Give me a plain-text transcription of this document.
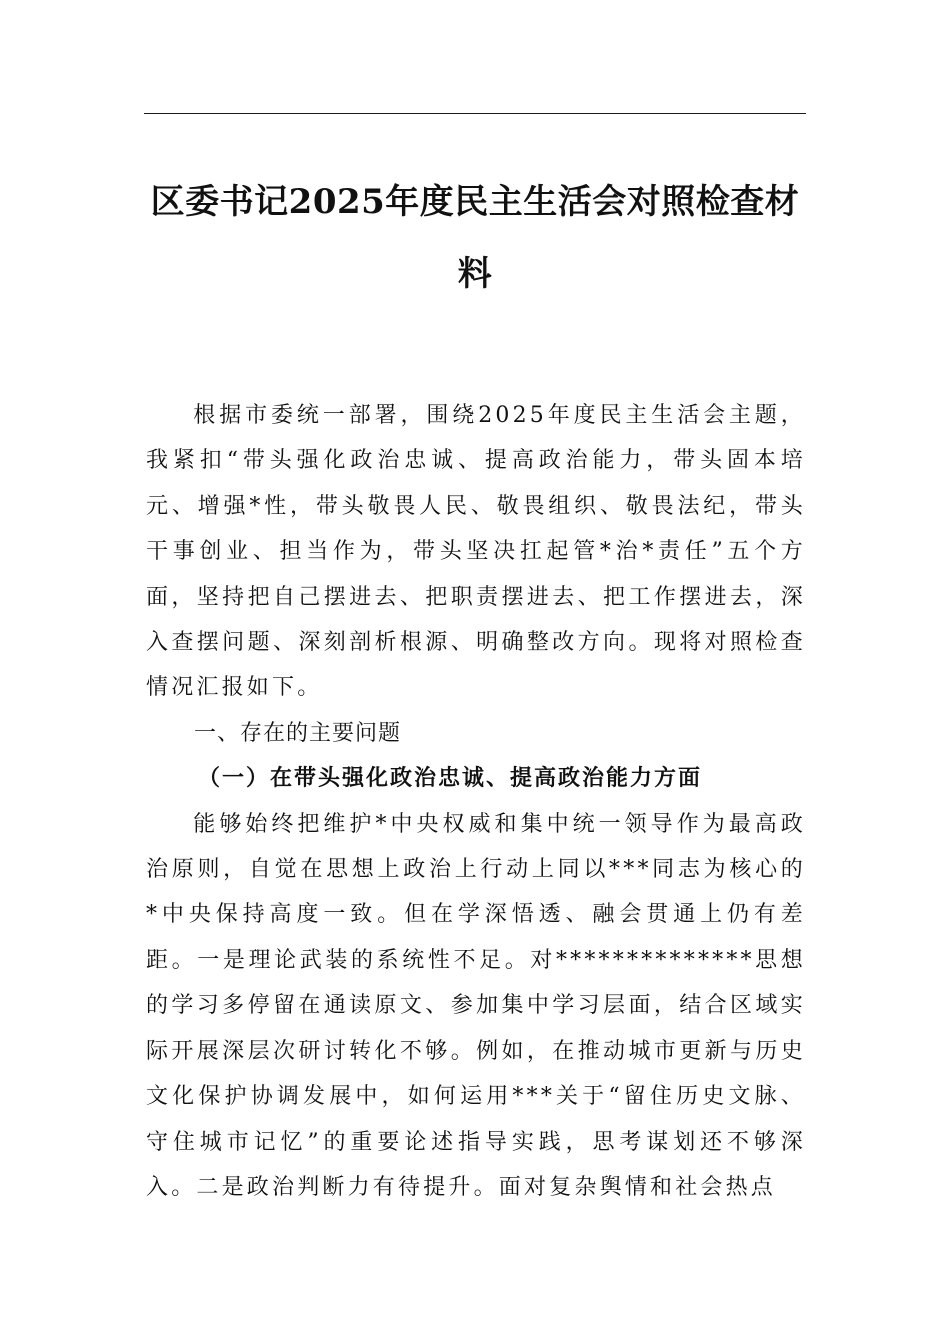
区委书记2025年度民主生活会对照检查材料

根据市委统一部署，围绕2025年度民主生活会主题，我紧扣“带头强化政治忠诚、提高政治能力，带头固本培元、增强*性，带头敬畏人民、敬畏组织、敬畏法纪，带头干事创业、担当作为，带头坚决扛起管*治*责任”五个方面，坚持把自己摆进去、把职责摆进去、把工作摆进去，深入查摆问题、深刻剖析根源、明确整改方向。现将对照检查情况汇报如下。

一、存在的主要问题

（一）在带头强化政治忠诚、提高政治能力方面

能够始终把维护*中央权威和集中统一领导作为最高政治原则，自觉在思想上政治上行动上同以***同志为核心的*中央保持高度一致。但在学深悟透、融会贯通上仍有差距。一是理论武装的系统性不足。对**************思想的学习多停留在通读原文、参加集中学习层面，结合区域实际开展深层次研讨转化不够。例如，在推动城市更新与历史文化保护协调发展中，如何运用***关于“留住历史文脉、守住城市记忆”的重要论述指导实践，思考谋划还不够深入。二是政治判断力有待提升。面对复杂舆情和社会热点
